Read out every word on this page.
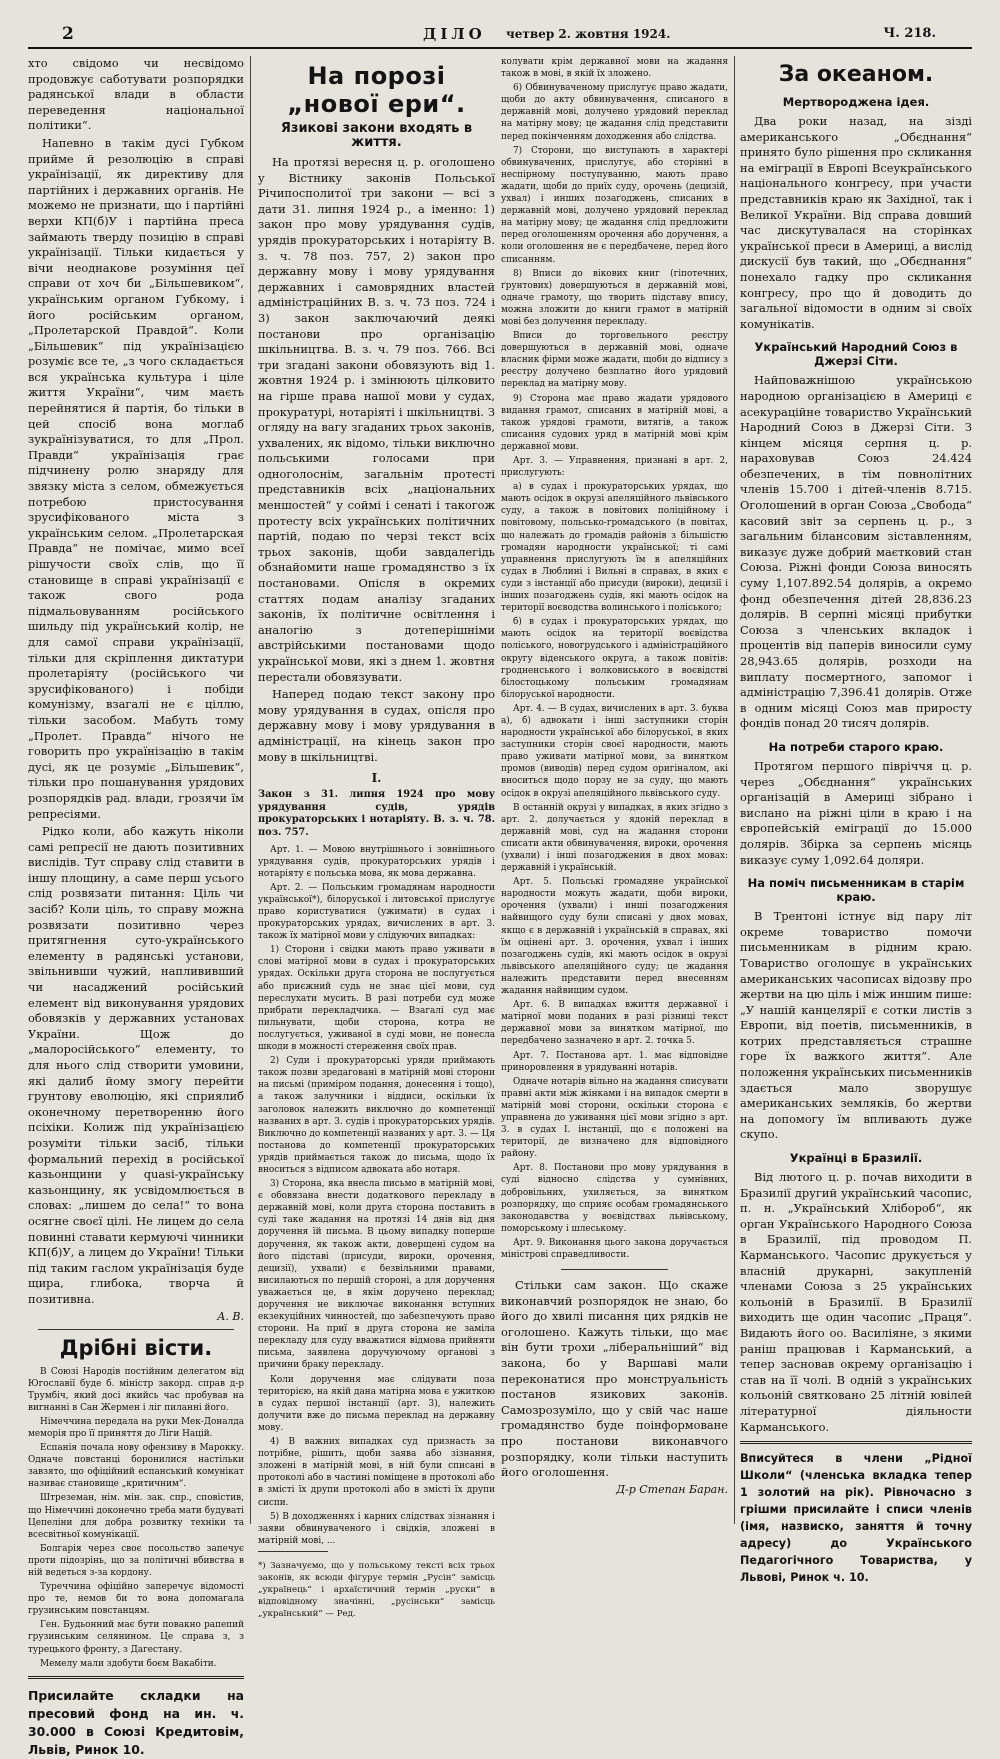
2	ДІЛО четвер 2. жовтня 1924.	Ч. 218.

хто свідомо чи несвідомо продовжує саботувати розпорядки радянської влади в области переведення національної політики“.

Напевно в такім дусі Губком прийме й резолюцію в справі українізації, як директиву для партійних і державних органів. Не можемо не признати, що і партійні верхи КП(б)У і партійна преса займають тверду позицію в справі українізації. Тільки кидається у вічи неоднакове розуміння цеї справи от хоч би „Більшевиком“, українським органом Губкому, і його російським органом, „Пролетарской Правдой“. Коли „Більшевик“ під українізацією розуміє все те, „з чого складається вся українська культура і ціле життя України“, чим маєть перейнятися й партія, бо тільки в цей спосіб вона моглаб зукраїнізуватися, то для „Прол. Правди“ українізація грає підчинену ролю знаряду для звязку міста з селом, обмежується потребою пристосування зрусифікованого міста з українським селом. „Пролетарская Правда“ не помічає, мимо всеї рішучости своїх слів, що її становище в справі українізації є також свого рода підмальовуванням російського шильду під український колір, не для самої справи українізації, тільки для скріплення диктатури пролетаріяту (російського чи зрусифікованого) і побіди комунізму, взагалі не є ціллю, тільки засобом. Мабуть тому „Пролет. Правда“ нічого не говорить про українізацію в такім дусі, як це розуміє „Більшевик“, тільки про пошанування урядових розпорядків рад. влади, грозячи їм репресіями.

Рідко коли, або кажуть ніколи самі репресії не дають позитивних вислідів. Тут справу слід ставити в іншу площину, а саме перш усього слід розвязати питання: Ціль чи засіб? Коли ціль, то справу можна розвязати позитивно через притягнення суто-українського елементу в радянські установи, звільнивши чужий, наплививший чи насаджений російський елемент від виконування урядових обовязків у державних установах України. Щож до „малоросійського“ елементу, то для нього слід створити умовини, які далиб йому змогу перейти грунтову еволюцію, які сприялиб оконечному перетворенню його псіхіки. Колиж під українізацією розуміти тільки засіб, тільки формальний перехід в російської казьонщини у quasi-українську казьонщину, як усвідомлюється в словах: „лишем до села!“ то вона осягне своєї цілі. Не лицем до села повинні ставати кермуючі чинники КП(б)У, а лицем до України! Тільки під таким гаслом українізація буде щира, глибока, творча й позитивна.

А. В.
Дрібні вісти.

В Союзі Народів постійним делегатом від Югославії буде б. міністр закорд. справ д-р Трумбіч, який досі якийсь час пробував на вигнанні в Сан Жермен і ліг пиланні його.

Німеччина передала на руки Мек-Доналда меморія про її приняття до Ліги Націй.

Еспанія почала нову офензиву в Марокку. Одначе повстанці боронилися настільки завзято, що офіційний еспанський комунікат називає становище „критичним“.

Штреземан, нім. мін. зак. спр., сповістив, що Німеччині доконечно треба мати будуваті Цепеліни для добра розвитку техніки та всесвітньої комунікації.

Болгарія через своє посольство запечує проти підозрінь, що за політичні вбивства в ній ведеться з-за кордону.

Туреччина офіційно заперечує відомості про те, немов би то вона допомагала грузинським повстанцям.

Ген. Будьонний має бути повакно рапепий грузинським селянином. Це справа з, з турецького фронту, з Дагестану.

Мемелу мали здобути боєм Вакабіти.

Присилайте складки на пресовий фонд на ин. ч. 30.000 в Союзі Кредитовім, Львів, Ринок 10.
На порозі „нової ери“.
Язикові закони входять в життя.

На протязі вересня ц. р. оголошено у Вістнику законів Польської Річипосполитої три закони — всі з дати 31. липня 1924 р., а іменно: 1) закон про мову урядування судів, урядів прокураторських і нотаріяту В. з. ч. 78 поз. 757, 2) закон про державну мову і мову урядування державних і самоврядних властей адміністраційних В. з. ч. 73 поз. 724 і 3) закон заключаючий деякі постанови про організацію шкільництва. В. з. ч. 79 поз. 766. Всі три згадані закони обовязують від 1. жовтня 1924 р. і змінюють цілковито на гірше права нашої мови у судах, прокуратурі, нотаріяті і шкільництві. З огляду на вагу згаданих трьох законів, ухвалених, як відомо, тільки виключно польськими голосами при одноголоснім, загальнім протесті представників всіх „національних меншостей“ у соймі і сенаті і такогож протесту всіх українських політичних партій, подаю по черзі текст всіх трьох законів, щоби завдалегідь обзнайомити наше громадянство з їх постановами. Опісля в окремих статтях подам аналізу згаданих законів, їх політичне освітлення і аналогію з дотеперішніми австрійськими постановами щодо української мови, які з днем 1. жовтня перестали обовязувати.

Наперед подаю текст закону про мову урядування в судах, опісля про державну мову і мову урядування в адміністрації, на кінець закон про мову в шкільництві.

І.
Закон з 31. липня 1924 про мову урядування судів, урядів прокураторських і нотаріяту. В. з. ч. 78. поз. 757.

Арт. 1. — Мовою внутрішнього і зовнішнього урядування судів, прокураторських урядів і нотаріяту є польська мова, як мова державна.

Арт. 2. — Польським громадянам народности української*), білоруської і литовської прислугує право користуватися (ужимати) в судах і прокураторських урядах, вичислених в арт. 3. також їх матірної мови у слідуючих випадках:

1) Сторони і свідки мають право уживати в слові матірної мови в судах і прокураторських урядах. Оскільки друга сторона не послугується або приєжний судь не знає цієї мови, суд переслухати мусить. В разі потреби суд може прибрати перекладчика. — Взагалі суд має пильнувати, щоби сторона, котра не послугується, уживаної в суді мови, не понесла шкоди в можності стереження своїх прав.

2) Суди і прокураторські уряди приймають також позви зредаговані в матірній мові сторони на письмі (приміром подання, донесення і тощо), а також залучники і віддиси, оскільки їх заголовок належить виключно до компетенції названих в арт. 3. судів і прокураторських урядів. Виключно до компетенції названих у арт. 3. — Ця постанова до компетенції прокураторських урядів приймається також до письма, щодо їх вноситься з відписом адвоката або нотаря.

3) Сторона, яка внесла письмо в матірній мові, є обовязана внести додаткового перекладу в державній мові, коли друга сторона поставить в суді таке жадання на протязі 14 днів від дня доручення їй письма. В цьому випадку поперше доручення, як також акти, доверщені судом на його підставі (присуди, вироки, орочення, децизії), ухвали) є безвільними правами, висилаються по першій стороні, а для доручення уважається це, в якім доручено переклад; доручення не виключає виконання вступних екзекуційних чинностей, що забезпечують право сторони. На приї в друга сторона не заміла перекладу для суду вважатися відмова прийняти письма, заявлена доручуючому органові з причини браку перекладу.

Коли доручення має слідувати поза територією, на якій дана матірна мова є ужиткою в судах першої інстанції (арт. 3), належить долучити вже до письма переклад на державну мову.

4) В важних випадках суд признасть за потрібне, рішить, щоби заява або зізнання, зложені в матірній мові, в ній були списані в протоколі або в частині поміщене в протоколі або в змісті їх друпи протоколі або в змісті їх друпи сиспи.

5) В доходженнях і карних слідствах зізнання і заяви обвинуваченого і свідків, зложені в матірній мові, ...

*) Зазначуємо, що у польському тексті всіх трьох законів, як всюди фігурує термін „Русін“ замісць „українець“ і архаїстичний термін „руски“ в відповідному значінні, „русінськи“ замісць „український“ — Ред.

колувати крім державної мови на жадання також в мові, в якій їх зложено.

6) Обвинуваченому прислугує право жадати, щоби до акту обвинувачення, списаного в державній мові, долучено урядовий переклад на матірну мову; це жадання слід представити перед покінченням доходження або слідства.

7) Сторони, що виступають в характері обвинувачених, прислугує, або сторінні в неспірному поступуванню, мають право жадати, щоби до приїх суду, орочень (децизій, ухвал) і инших позаґоджень, списаних в державній мові, долучено урядовий переклад на матірну мову; це жадання слід предложити перед оголошенням орочення або доручення, а коли оголошення не є передбачене, перед його списанням.

8) Вписи до вікових книг (гіпотечних, ґрунтових) довершуються в державній мові, одначе грамоту, що творить підставу впису, можна зложити до книги грамот в матірній мові без долучення перекладу.

Вписи до торговельного реєстру довершуються в державній мові, одначе власник фірми може жадати, щоби до відпису з реєстру долучено безплатно його урядовий переклад на матірну мову.

9) Сторона має право жадати урядового видання грамот, списаних в матірній мові, а також урядові грамоти, витягів, а також списання судових уряд в матірній мові крім державної мови.

Арт. 3. — Управнення, признані в арт. 2, прислугують:

а) в судах і прокураторських урядах, що мають осідок в окрузі апеляційного львівського суду, а також в повітових поліційному і повітовому, польсько-громадського (в повітах, що належать до громадів районів з більшістю громадян народности української; ті самі управнення прислугують їм в апеляційних судах в Люблині і Вильні в справах, в яких є суди з інстанції або присуди (вироки), децизії і інших позагоджень судів, які мають осідок на території воєводства волинського і поліського;

б) в судах і прокураторських урядах, що мають осідок на території воєвідства поліського, новогрудського і адміністраційного округу віденського округа, а також повітів: гродненського і волковиського в воєвідстві білостоцькому польським громадянам білоруської народности.

Арт. 4. — В судах, вичислених в арт. 3. буква а), б) адвокати і інші заступники сторін народности української або білоруської, в яких заступники сторін своєї народности, мають право уживати матірної мови, за винятком промов (виводів) перед судом оригіналом, акі вноситься щодо порзу не за суду, що мають осідок в окрузі апеляційного львівського суду.

В останній окрузі у випадках, в яких згідно з арт. 2. долучається у ядоній переклад в державній мові, суд на жадання сторони списати акти обвинувачення, вироки, орочення (ухвали) і інші позагоджения в двох мовах: державній і українській.

Арт. 5. Польські громадяне української народности можуть жадати, щоби вироки, орочення (ухвали) і инші позагоджения найвищого суду були списані у двох мовах, якщо є в державній і українській в справах, які їм оцінені арт. 3. орочення, ухвал і інших позагоджень судів, які мають осідок в окрузі львівського апеляційного суду; це жадання належить представити перед внесенням жадання найвищим судом.

Арт. 6. В випадках вжиття державної і матірної мови поданих в разі різниці текст державної мови за винятком матірної, що передбачено зазначено в арт. 2. точка 5.

Арт. 7. Постанова арт. 1. має відповідне приноровлення в урядуванні нотарів.

Одначе нотарів вільно на жадання списувати правні акти між жінками і на випадок смерти в матірній мові сторони, оскільки сторона є управнена до уживання цієї мови згідно з арт. 3. в судах І. інстанції, що є положені на території, де визначено для відповідного району.

Арт. 8. Постанови про мову урядування в суді відносно слідства у сумнівних, добровільних, ухиляється, за винятком розпорядку, що сприяє особам громадянського законодавства у воєвідствах львівському, поморському і шлеському.

Арт. 9. Виконання цього закона доручається міністрові справедливости.

Стільки сам закон. Що скаже виконавчий розпорядок не знаю, бо його до хвилі писання цих рядків не оголошено. Кажуть тільки, що має він бути трохи „ліберальніший“ від закона, бо у Варшаві мали переконатися про монструальність постанов язикових законів. Самозрозуміло, що у свій час наше громадянство буде поінформоване про постанови виконавчого розпорядку, коли тільки наступить його оголошення.

Д-р Степан Баран.
За океаном.
Мертвороджена ідея.

Два роки назад, на зізді американського „Обєднання“ принято було рішення про скликання на еміграції в Европі Всеукраїнського національного конгресу, при участи представників краю як Західної, так і Великої України. Від справа довший час дискутувалася на сторінках української преси в Америці, а вислід дискусії був такий, що „Обєднання“ понехало гадку про скликання конгресу, про що й доводить до загальної відомости в одним зі своїх комунікатів.

Український Народний Союз в Джерзі Сіти.

Найповажнішою українською народною організацією в Америці є асекураційне товариство Український Народний Союз в Джерзі Сіти. З кінцем місяця серпня ц. р. нараховував Союз 24.424 обезпечених, в тім повнолітних членів 15.700 і дітей-членів 8.715. Оголошений в орган Союза „Свобода“ касовий звіт за серпень ц. р., з загальним білансовим зіставленням, виказує дуже добрий маєтковий стан Союза. Ріжні фонди Союза виносять суму 1,107.892.54 долярів, а окремо фонд обезпечення дітей 28,836.23 долярів. В серпні місяці прибутки Союза з членських вкладок і процентів від паперів виносили суму 28,943.65 долярів, розходи на виплату посмертного, запомог і адміністрацію 7,396.41 долярів. Отже в одним місяці Союз мав приросту фондів понад 20 тисяч долярів.

На потреби старого краю.

Протягом першого півріччя ц. р. через „Обєднання“ українських організацій в Америці зібрано і вислано на ріжні ціли в краю і на європейській еміграції до 15.000 долярів. Збірка за серпень місяць виказує суму 1,092.64 доляри.

На поміч письменникам в старім краю.

В Трентоні істнує від пару літ окреме товариство помочи письменникам в рідним краю. Товариство оголошує в українських американських часописах відозву про жертви на цю ціль і між иншим пише: „У нашій канцелярії є сотки листів з Европи, від поетів, письменників, в котрих представляється страшне горе їх важкого життя“. Але положення українських письменників здається мало зворушує американських земляків, бо жертви на допомогу їм впливають дуже скупо.

Українці в Бразилії.

Від лютого ц. р. почав виходити в Бразилії другий український часопис, п. н. „Український Хлібороб“, як орган Українського Народного Союза в Бразилії, під проводом П. Карманського. Часопис друкується у власній друкарні, закупленій членами Союза з 25 українських кольоній в Бразилії. В Бразилії виходить ще один часопис „Праця“. Видають його оо. Василіяне, з якими раніш працював і Карманський, а тепер засновав окрему організацію і став на її чолі. В одній з українських кольоній святковано 25 літній ювілей літературної діяльности Карманського.

Вписуйтеся в члени „Рідної Школи“ (членська вкладка тепер 1 золотий на рік). Рівночасно з грішми присилайте і списи членів (імя, назвиско, заняття й точну адресу) до Українського Педагогічного Товариства, у Львові, Ринок ч. 10.
